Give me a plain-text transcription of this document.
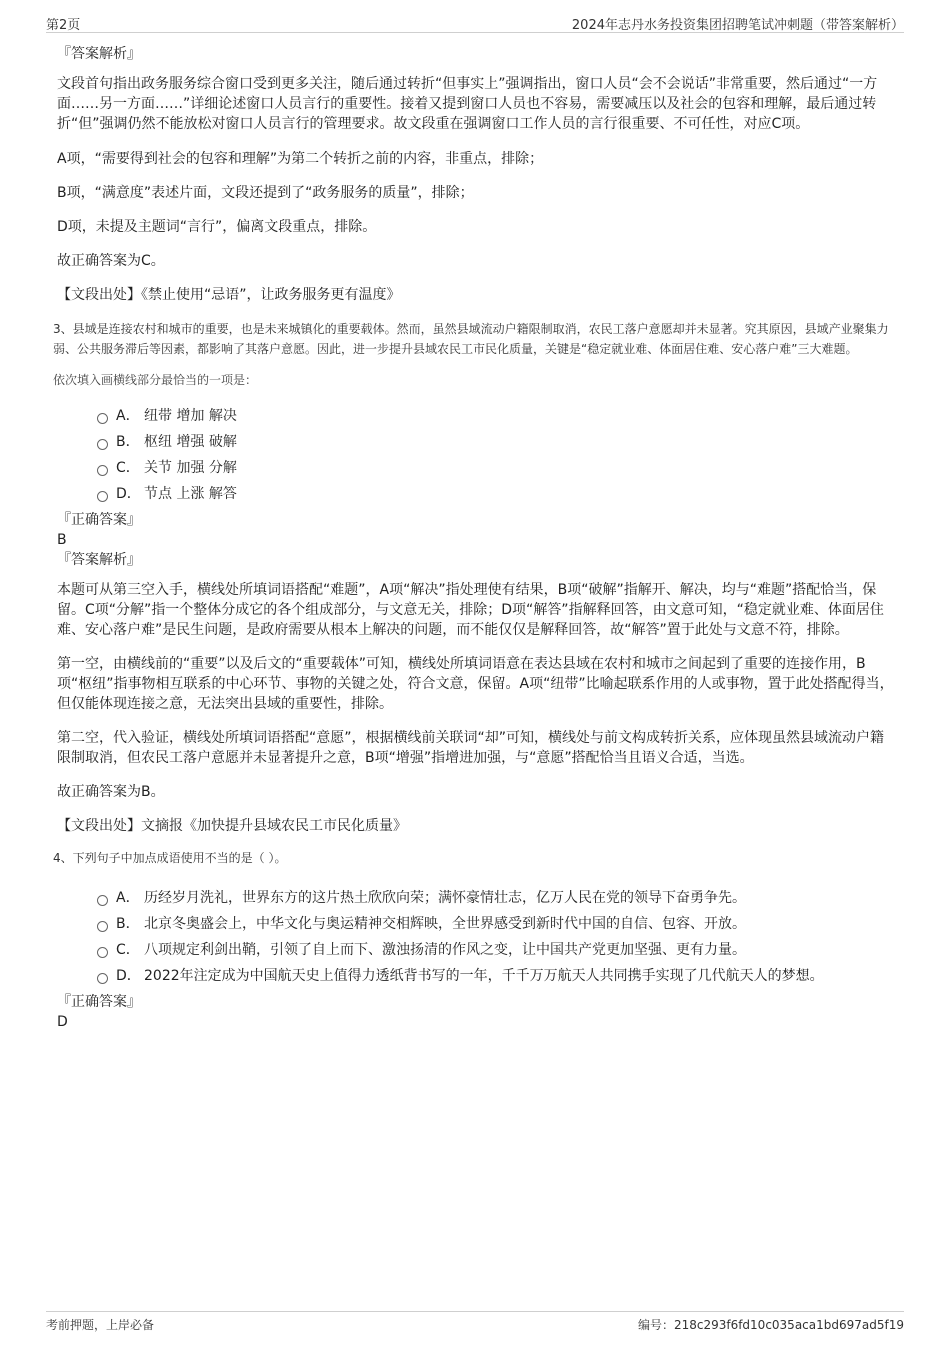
第2页	2024年志丹水务投资集团招聘笔试冲刺题（带答案解析）

『答案解析』

文段首句指出政务服务综合窗口受到更多关注，随后通过转折“但事实上”强调指出，窗口人员“会不会说话”非常重要，然后通过“一方面……另一方面……”详细论述窗口人员言行的重要性。接着又提到窗口人员也不容易，需要减压以及社会的包容和理解，最后通过转折“但”强调仍然不能放松对窗口人员言行的管理要求。故文段重在强调窗口工作人员的言行很重要、不可任性，对应C项。

A项，“需要得到社会的包容和理解”为第二个转折之前的内容，非重点，排除；

B项，“满意度”表述片面，文段还提到了“政务服务的质量”，排除；

D项，未提及主题词“言行”，偏离文段重点，排除。

故正确答案为C。

【文段出处】《禁止使用“忌语”，让政务服务更有温度》

3、县域是连接农村和城市的重要，也是未来城镇化的重要载体。然而，虽然县域流动户籍限制取消，农民工落户意愿却并未显著。究其原因，县域产业聚集力弱、公共服务滞后等因素，都影响了其落户意愿。因此，进一步提升县域农民工市民化质量，关键是“稳定就业难、体面居住难、安心落户难”三大难题。

依次填入画横线部分最恰当的一项是：

A． 纽带 增加 解决
B． 枢纽 增强 破解
C． 关节 加强 分解
D． 节点 上涨 解答

『正确答案』

B

『答案解析』

本题可从第三空入手，横线处所填词语搭配“难题”，A项“解决”指处理使有结果，B项“破解”指解开、解决，均与“难题”搭配恰当，保留。C项“分解”指一个整体分成它的各个组成部分，与文意无关，排除；D项“解答”指解释回答，由文意可知，“稳定就业难、体面居住难、安心落户难”是民生问题，是政府需要从根本上解决的问题，而不能仅仅是解释回答，故“解答”置于此处与文意不符，排除。

第一空，由横线前的“重要”以及后文的“重要载体”可知，横线处所填词语意在表达县域在农村和城市之间起到了重要的连接作用，B项“枢纽”指事物相互联系的中心环节、事物的关键之处，符合文意，保留。A项“纽带”比喻起联系作用的人或事物，置于此处搭配得当，但仅能体现连接之意，无法突出县域的重要性，排除。

第二空，代入验证，横线处所填词语搭配“意愿”，根据横线前关联词“却”可知，横线处与前文构成转折关系，应体现虽然县域流动户籍限制取消，但农民工落户意愿并未显著提升之意，B项“增强”指增进加强，与“意愿”搭配恰当且语义合适，当选。

故正确答案为B。

【文段出处】文摘报《加快提升县域农民工市民化质量》

4、下列句子中加点成语使用不当的是（ ）。

A． 历经岁月洗礼，世界东方的这片热土欣欣向荣；满怀豪情壮志，亿万人民在党的领导下奋勇争先。
B． 北京冬奥盛会上，中华文化与奥运精神交相辉映，全世界感受到新时代中国的自信、包容、开放。
C． 八项规定利剑出鞘，引领了自上而下、激浊扬清的作风之变，让中国共产党更加坚强、更有力量。
D． 2022年注定成为中国航天史上值得力透纸背书写的一年，千千万万航天人共同携手实现了几代航天人的梦想。

『正确答案』

D

考前押题，上岸必备	编号：218c293f6fd10c035aca1bd697ad5f19
